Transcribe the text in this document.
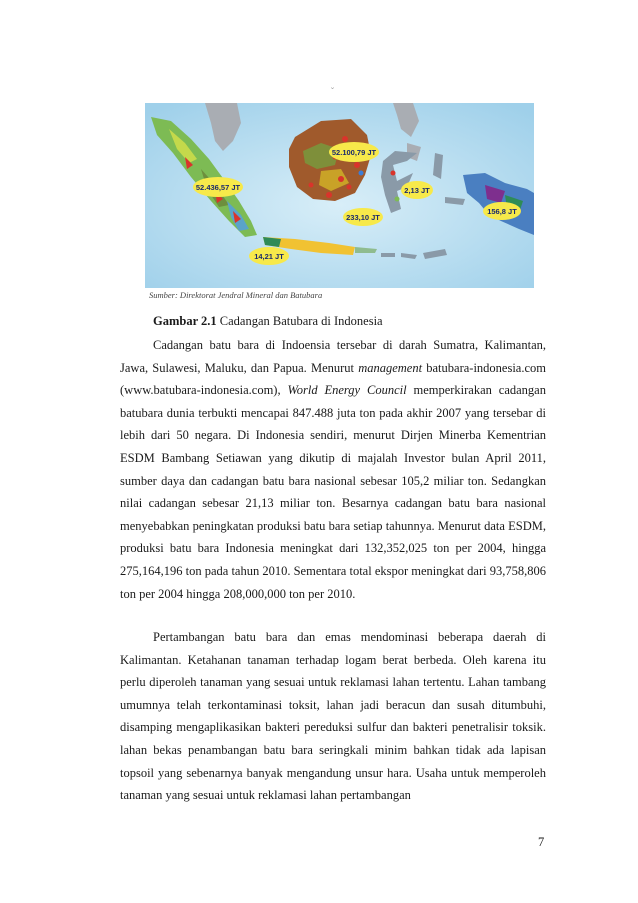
˘
52.100,79 JT
52.436,57 JT	2,13 JT
156,8 JT
233,10 JT
14,21 JT
Sumber: Direktorat Jendral Mineral dan Batubara
Gambar 2.1 Cadangan Batubara di Indonesia

Cadangan batu bara di Indoensia tersebar di darah Sumatra, Kalimantan, Jawa, Sulawesi, Maluku, dan Papua. Menurut management batubara-indonesia.com (www.batubara-indonesia.com), World Energy Council memperkirakan cadangan batubara dunia terbukti mencapai 847.488 juta ton pada akhir 2007 yang tersebar di lebih dari 50 negara. Di Indonesia sendiri, menurut Dirjen Minerba Kementrian ESDM Bambang Setiawan yang dikutip di majalah Investor bulan April 2011, sumber daya dan cadangan batu bara nasional sebesar 105,2 miliar ton. Sedangkan nilai cadangan sebesar 21,13 miliar ton. Besarnya cadangan batu bara nasional menyebabkan peningkatan produksi batu bara setiap tahunnya. Menurut data ESDM, produksi batu bara Indonesia meningkat dari 132,352,025 ton per 2004, hingga 275,164,196 ton pada tahun 2010. Sementara total ekspor meningkat dari 93,758,806 ton per 2004 hingga 208,000,000 ton per 2010.

Pertambangan batu bara dan emas mendominasi beberapa daerah di Kalimantan. Ketahanan tanaman terhadap logam berat berbeda. Oleh karena itu perlu diperoleh tanaman yang sesuai untuk reklamasi lahan tertentu. Lahan tambang umumnya telah terkontaminasi toksit, lahan jadi beracun dan susah ditumbuhi, disamping mengaplikasikan bakteri pereduksi sulfur dan bakteri penetralisir toksik. lahan bekas penambangan batu bara seringkali minim bahkan tidak ada lapisan topsoil yang sebenarnya banyak mengandung unsur hara. Usaha untuk memperoleh tanaman yang sesuai untuk reklamasi lahan pertambangan

7
